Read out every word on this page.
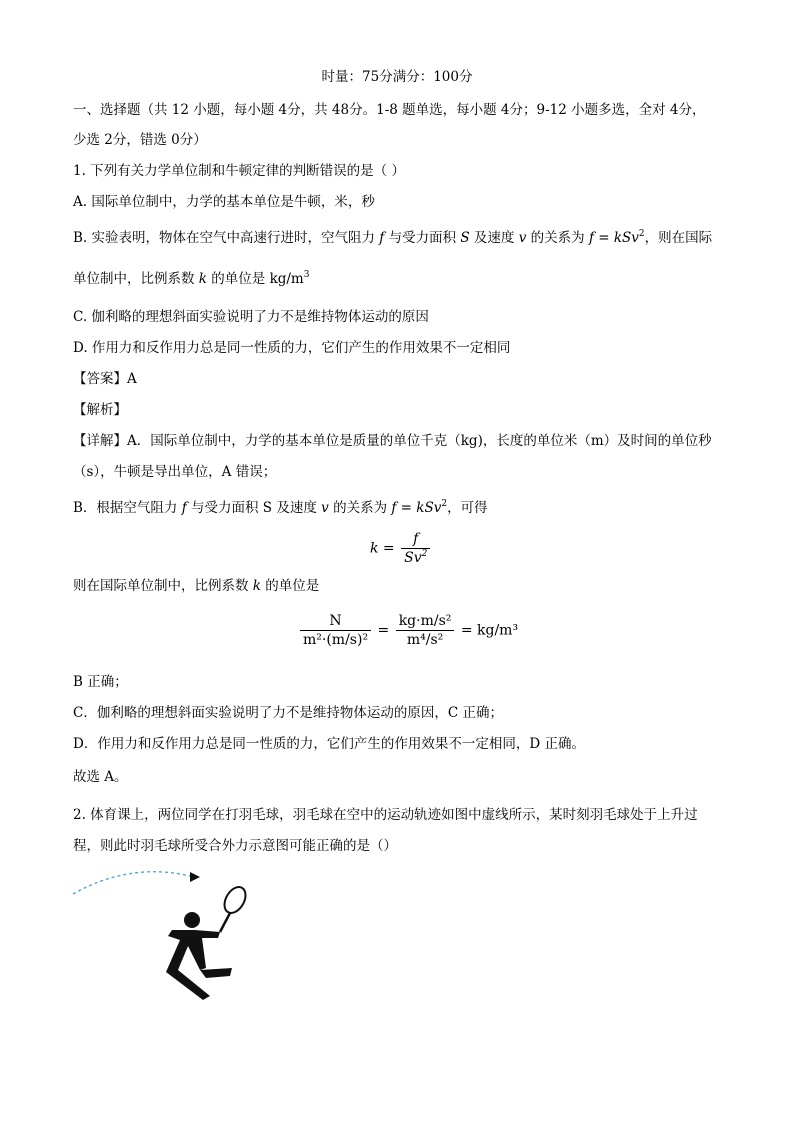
时量：75分满分：100分
一、选择题（共 12 小题，每小题 4分，共 48分。1-8 题单选，每小题 4分；9-12 小题多选，全对 4分，
少选 2分，错选 0分）
1. 下列有关力学单位制和牛顿定律的判断错误的是（ ）
A. 国际单位制中，力学的基本单位是牛顿，米，秒
B. 实验表明，物体在空气中高速行进时，空气阻力 f 与受力面积 S 及速度 v 的关系为 f = kSv$^2$，则在国际
单位制中，比例系数 k 的单位是 $kg/m^3$
C. 伽利略的理想斜面实验说明了力不是维持物体运动的原因
D. 作用力和反作用力总是同一性质的力，它们产生的作用效果不一定相同
【答案】A
【解析】
【详解】A．国际单位制中，力学的基本单位是质量的单位千克（kg)，长度的单位米（m）及时间的单位秒
（s），牛顿是导出单位，A 错误；
B．根据空气阻力 f 与受力面积 S 及速度 v 的关系为 f = kSv$^2$，可得
$k = \frac{f}{Sv^2}$
则在国际单位制中，比例系数 k 的单位是
$\frac{N}{\text{m²·(m/s)²}} = \frac{\text{kg·m/s²}}{\text{m⁴/s²}} = kg/m^3$
B 正确；
C．伽利略的理想斜面实验说明了力不是维持物体运动的原因，C 正确；
D．作用力和反作用力总是同一性质的力，它们产生的作用效果不一定相同，D 正确。
故选 A。
2. 体育课上，两位同学在打羽毛球，羽毛球在空中的运动轨迹如图中虚线所示，某时刻羽毛球处于上升过
程，则此时羽毛球所受合外力示意图可能正确的是（）
